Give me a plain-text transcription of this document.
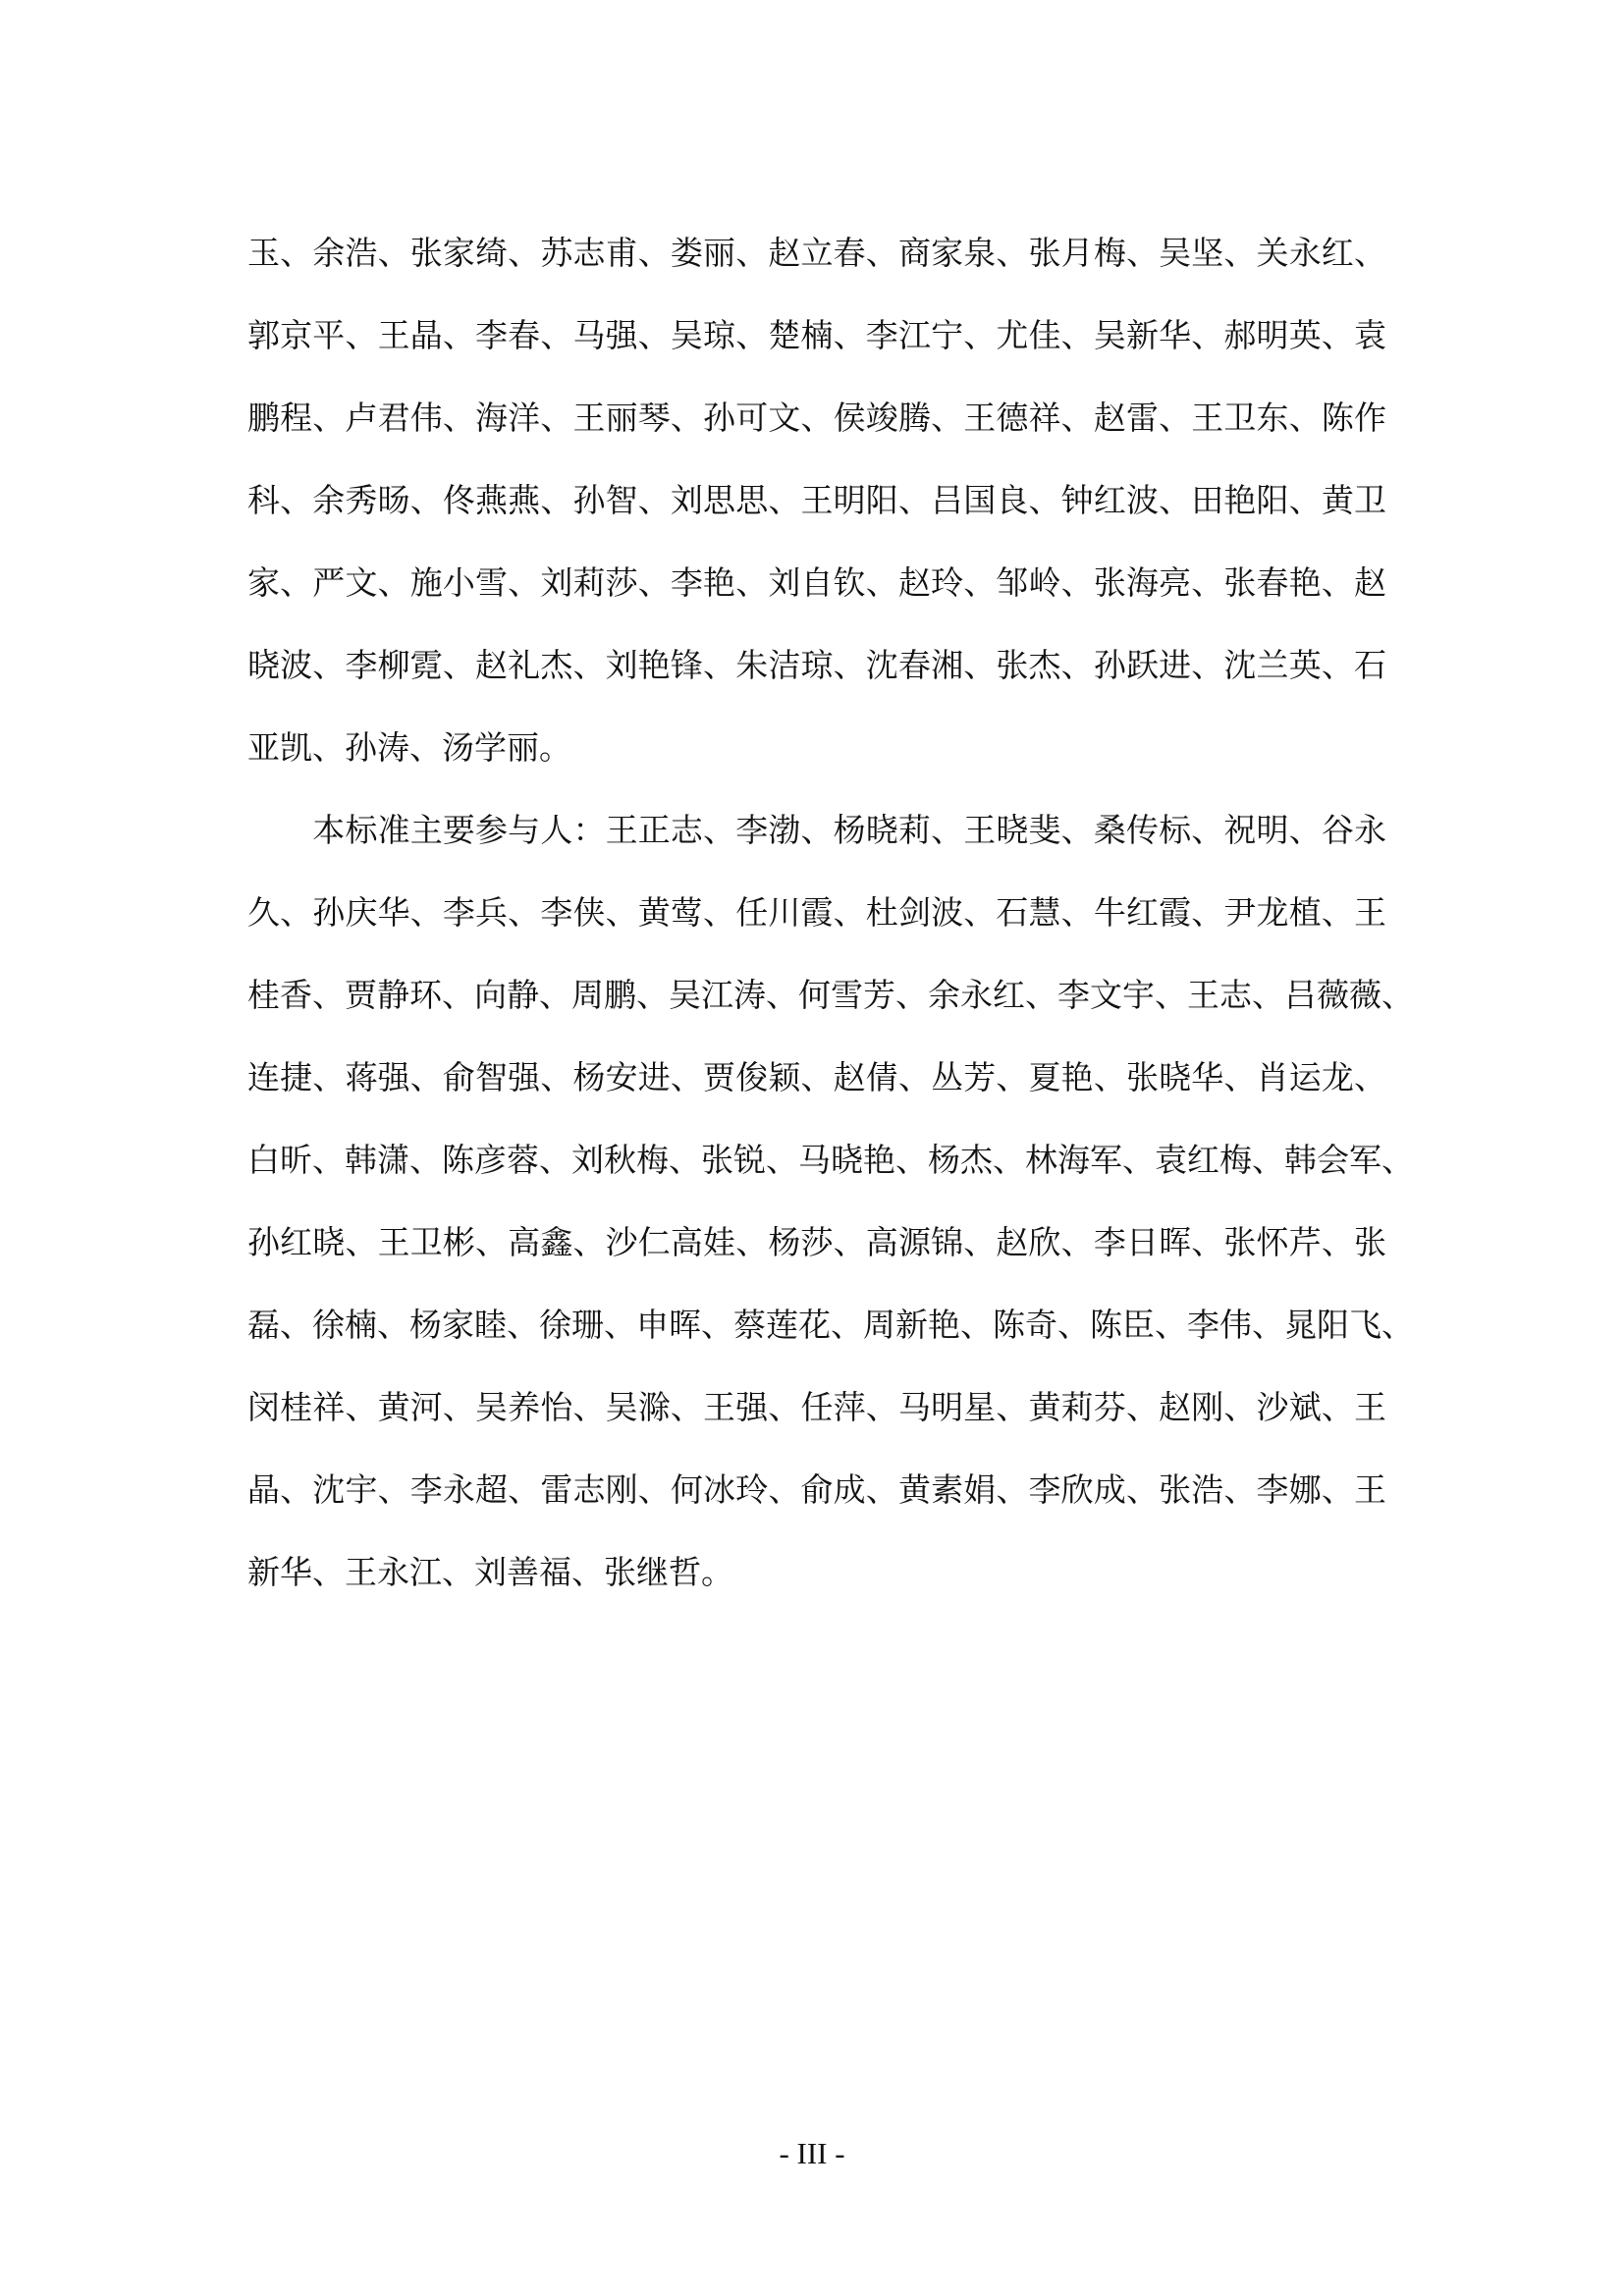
玉、余浩、张家绮、苏志甫、娄丽、赵立春、商家泉、张月梅、吴坚、关永红、
郭京平、王晶、李春、马强、吴琼、楚楠、李江宁、尤佳、吴新华、郝明英、袁
鹏程、卢君伟、海洋、王丽琴、孙可文、侯竣腾、王德祥、赵雷、王卫东、陈作
科、余秀旸、佟燕燕、孙智、刘思思、王明阳、吕国良、钟红波、田艳阳、黄卫
家、严文、施小雪、刘莉莎、李艳、刘自钦、赵玲、邹岭、张海亮、张春艳、赵
晓波、李柳霓、赵礼杰、刘艳锋、朱洁琼、沈春湘、张杰、孙跃进、沈兰英、石
亚凯、孙涛、汤学丽。
　　本标准主要参与人：王正志、李渤、杨晓莉、王晓斐、桑传标、祝明、谷永
久、孙庆华、李兵、李侠、黄莺、任川霞、杜剑波、石慧、牛红霞、尹龙植、王
桂香、贾静环、向静、周鹏、吴江涛、何雪芳、余永红、李文宇、王志、吕薇薇、
连捷、蒋强、俞智强、杨安进、贾俊颖、赵倩、丛芳、夏艳、张晓华、肖运龙、
白昕、韩潇、陈彦蓉、刘秋梅、张锐、马晓艳、杨杰、林海军、袁红梅、韩会军、
孙红晓、王卫彬、高鑫、沙仁高娃、杨莎、高源锦、赵欣、李日晖、张怀芹、张
磊、徐楠、杨家睦、徐珊、申晖、蔡莲花、周新艳、陈奇、陈臣、李伟、晁阳飞、
闵桂祥、黄河、吴养怡、吴滁、王强、任萍、马明星、黄莉芬、赵刚、沙斌、王
晶、沈宇、李永超、雷志刚、何冰玲、俞成、黄素娟、李欣成、张浩、李娜、王
新华、王永江、刘善福、张继哲。
- III -
